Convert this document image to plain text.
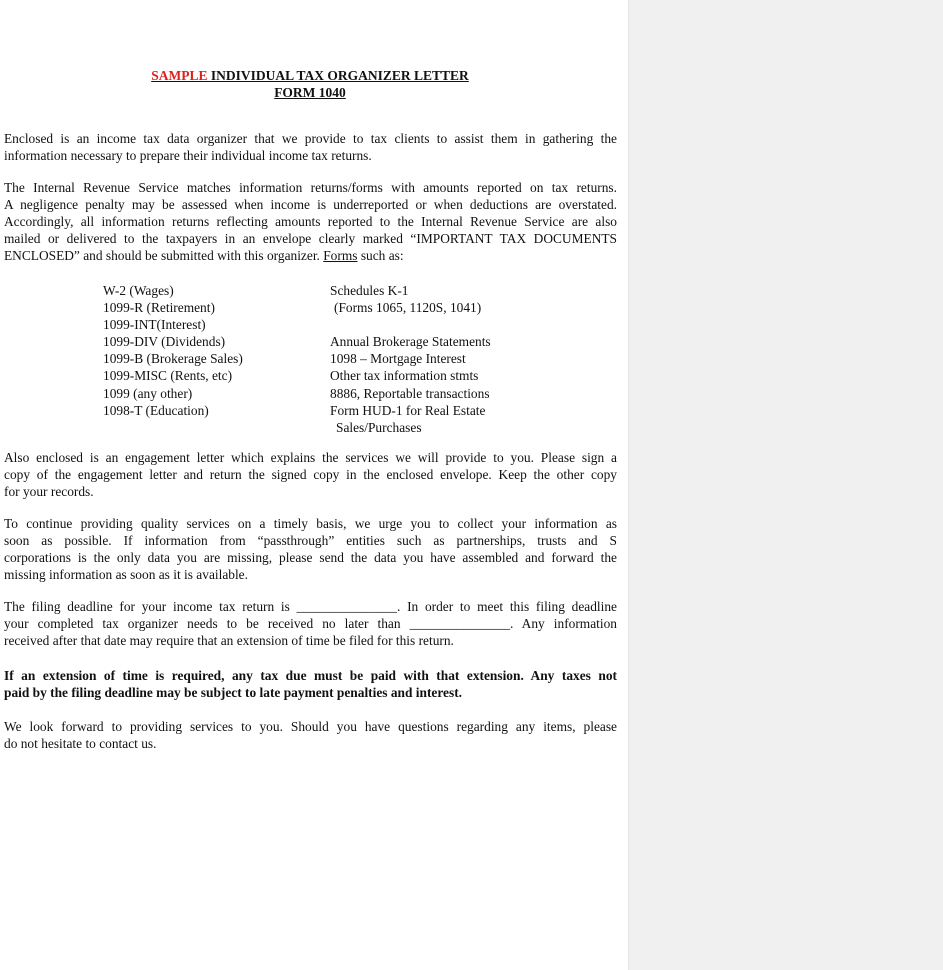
SAMPLE INDIVIDUAL TAX ORGANIZER LETTER
FORM 1040
Enclosed is an income tax data organizer that we provide to tax clients to assist them in gathering the
information necessary to prepare their individual income tax returns.
The Internal Revenue Service matches information returns/forms with amounts reported on tax returns.
A negligence penalty may be assessed when income is underreported or when deductions are overstated.
Accordingly, all information returns reflecting amounts reported to the Internal Revenue Service are also
mailed or delivered to the taxpayers in an envelope clearly marked “IMPORTANT TAX DOCUMENTS
ENCLOSED” and should be submitted with this organizer. Forms such as:
W-2 (Wages)
1099-R (Retirement)
1099-INT(Interest)
1099-DIV (Dividends)
1099-B (Brokerage Sales)
1099-MISC (Rents, etc)
1099 (any other)
1098-T (Education)
Schedules K-1
(Forms 1065, 1120S, 1041)
Annual Brokerage Statements
1098 – Mortgage Interest
Other tax information stmts
8886, Reportable transactions
Form HUD-1 for Real Estate
Sales/Purchases
Also enclosed is an engagement letter which explains the services we will provide to you. Please sign a
copy of the engagement letter and return the signed copy in the enclosed envelope. Keep the other copy
for your records.
To continue providing quality services on a timely basis, we urge you to collect your information as
soon as possible. If information from “passthrough” entities such as partnerships, trusts and S
corporations is the only data you are missing, please send the data you have assembled and forward the
missing information as soon as it is available.
The filing deadline for your income tax return is _______________. In order to meet this filing deadline
your completed tax organizer needs to be received no later than _______________. Any information
received after that date may require that an extension of time be filed for this return.
If an extension of time is required, any tax due must be paid with that extension. Any taxes not
paid by the filing deadline may be subject to late payment penalties and interest.
We look forward to providing services to you. Should you have questions regarding any items, please
do not hesitate to contact us.
